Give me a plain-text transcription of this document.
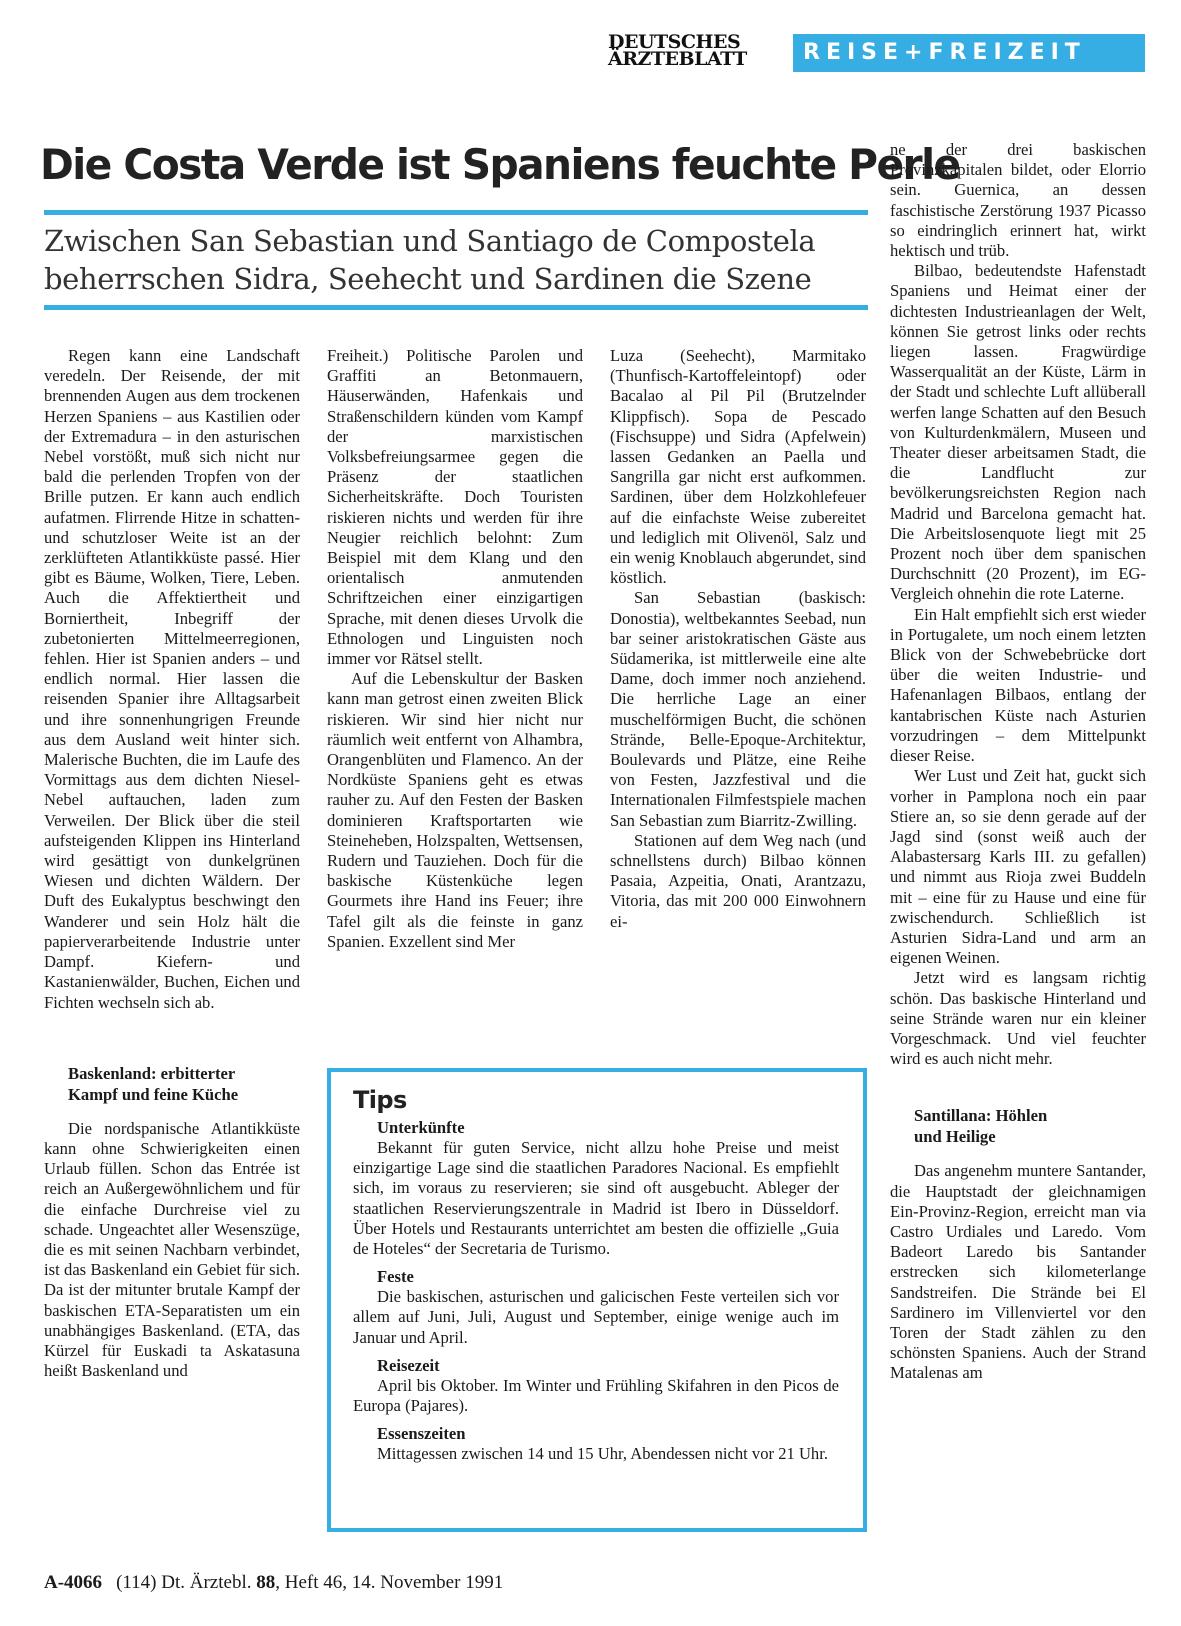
DEUTSCHES
ÄRZTEBLATT	REISE+FREIZEIT
Die Costa Verde ist Spaniens feuchte Perle
Zwischen San Sebastian und Santiago de Compostela
beherrschen Sidra, Seehecht und Sardinen die Szene

Regen kann eine Landschaft veredeln. Der Reisende, der mit brennenden Augen aus dem trockenen Herzen Spaniens – aus Kastilien oder der Extremadura – in den asturischen Nebel vorstößt, muß sich nicht nur bald die perlenden Tropfen von der Brille putzen. Er kann auch endlich aufatmen. Flirrende Hitze in schatten- und schutzloser Weite ist an der zerklüfteten Atlantikküste passé. Hier gibt es Bäume, Wolken, Tiere, Leben. Auch die Affektiertheit und Borniertheit, Inbegriff der zubetonierten Mittelmeerregionen, fehlen. Hier ist Spanien anders – und endlich normal. Hier lassen die reisenden Spanier ihre Alltagsarbeit und ihre sonnenhungrigen Freunde aus dem Ausland weit hinter sich. Malerische Buchten, die im Laufe des Vormittags aus dem dichten Niesel-Nebel auftauchen, laden zum Verweilen. Der Blick über die steil aufsteigenden Klippen ins Hinterland wird gesättigt von dunkelgrünen Wiesen und dichten Wäldern. Der Duft des Eukalyptus beschwingt den Wanderer und sein Holz hält die papierverarbeitende Industrie unter Dampf. Kiefern- und Kastanienwälder, Buchen, Eichen und Fichten wechseln sich ab.

Baskenland: erbitterter
Kampf und feine Küche

Die nordspanische Atlantikküste kann ohne Schwierigkeiten einen Urlaub füllen. Schon das Entrée ist reich an Außergewöhnlichem und für die einfache Durchreise viel zu schade. Ungeachtet aller Wesenszüge, die es mit seinen Nachbarn verbindet, ist das Baskenland ein Gebiet für sich. Da ist der mitunter brutale Kampf der baskischen ETA-Separatisten um ein unabhängiges Baskenland. (ETA, das Kürzel für Euskadi ta Askatasuna heißt Baskenland und

Freiheit.) Politische Parolen und Graffiti an Betonmauern, Häuserwänden, Hafenkais und Straßenschildern künden vom Kampf der marxistischen Volksbefreiungsarmee gegen die Präsenz der staatlichen Sicherheitskräfte. Doch Touristen riskieren nichts und werden für ihre Neugier reichlich belohnt: Zum Beispiel mit dem Klang und den orientalisch anmutenden Schriftzeichen einer einzigartigen Sprache, mit denen dieses Urvolk die Ethnologen und Linguisten noch immer vor Rätsel stellt.

Auf die Lebenskultur der Basken kann man getrost einen zweiten Blick riskieren. Wir sind hier nicht nur räumlich weit entfernt von Alhambra, Orangenblüten und Flamenco. An der Nordküste Spaniens geht es etwas rauher zu. Auf den Festen der Basken dominieren Kraftsportarten wie Steineheben, Holzspalten, Wettsensen, Rudern und Tauziehen. Doch für die baskische Küstenküche legen Gourmets ihre Hand ins Feuer; ihre Tafel gilt als die feinste in ganz Spanien. Exzellent sind Mer

Luza (Seehecht), Marmitako (Thunfisch-Kartoffeleintopf) oder Bacalao al Pil Pil (Brutzelnder Klippfisch). Sopa de Pescado (Fischsuppe) und Sidra (Apfelwein) lassen Gedanken an Paella und Sangrilla gar nicht erst aufkommen. Sardinen, über dem Holzkohlefeuer auf die einfachste Weise zubereitet und lediglich mit Olivenöl, Salz und ein wenig Knoblauch abgerundet, sind köstlich.

San Sebastian (baskisch: Donostia), weltbekanntes Seebad, nun bar seiner aristokratischen Gäste aus Südamerika, ist mittlerweile eine alte Dame, doch immer noch anziehend. Die herrliche Lage an einer muschelförmigen Bucht, die schönen Strände, Belle-Epoque-Architektur, Boulevards und Plätze, eine Reihe von Festen, Jazzfestival und die Internationalen Filmfestspiele machen San Sebastian zum Biarritz-Zwilling.

Stationen auf dem Weg nach (und schnellstens durch) Bilbao können Pasaia, Azpeitia, Onati, Arantzazu, Vitoria, das mit 200 000 Einwohnern ei-

ne der drei baskischen Provinzkapitalen bildet, oder Elorrio sein. Guernica, an dessen faschistische Zerstörung 1937 Picasso so eindringlich erinnert hat, wirkt hektisch und trüb.

Bilbao, bedeutendste Hafenstadt Spaniens und Heimat einer der dichtesten Industrieanlagen der Welt, können Sie getrost links oder rechts liegen lassen. Fragwürdige Wasserqualität an der Küste, Lärm in der Stadt und schlechte Luft allüberall werfen lange Schatten auf den Besuch von Kulturdenkmälern, Museen und Theater dieser arbeitsamen Stadt, die die Landflucht zur bevölkerungsreichsten Region nach Madrid und Barcelona gemacht hat. Die Arbeitslosenquote liegt mit 25 Prozent noch über dem spanischen Durchschnitt (20 Prozent), im EG-Vergleich ohnehin die rote Laterne.

Ein Halt empfiehlt sich erst wieder in Portugalete, um noch einem letzten Blick von der Schwebebrücke dort über die weiten Industrie- und Hafenanlagen Bilbaos, entlang der kantabrischen Küste nach Asturien vorzudringen – dem Mittelpunkt dieser Reise.

Wer Lust und Zeit hat, guckt sich vorher in Pamplona noch ein paar Stiere an, so sie denn gerade auf der Jagd sind (sonst weiß auch der Alabastersarg Karls III. zu gefallen) und nimmt aus Rioja zwei Buddeln mit – eine für zu Hause und eine für zwischendurch. Schließlich ist Asturien Sidra-Land und arm an eigenen Weinen.

Jetzt wird es langsam richtig schön. Das baskische Hinterland und seine Strände waren nur ein kleiner Vorgeschmack. Und viel feuchter wird es auch nicht mehr.

Santillana: Höhlen
und Heilige

Das angenehm muntere Santander, die Hauptstadt der gleichnamigen Ein-Provinz-Region, erreicht man via Castro Urdiales und Laredo. Vom Badeort Laredo bis Santander erstrecken sich kilometerlange Sandstreifen. Die Strände bei El Sardinero im Villenviertel vor den Toren der Stadt zählen zu den schönsten Spaniens. Auch der Strand Matalenas am

Tips
Unterkünfte

Bekannt für guten Service, nicht allzu hohe Preise und meist einzigartige Lage sind die staatlichen Paradores Nacional. Es empfiehlt sich, im voraus zu reservieren; sie sind oft ausgebucht. Ableger der staatlichen Reservierungszentrale in Madrid ist Ibero in Düsseldorf. Über Hotels und Restaurants unterrichtet am besten die offizielle „Guia de Hoteles“ der Secretaria de Turismo.

Feste

Die baskischen, asturischen und galicischen Feste verteilen sich vor allem auf Juni, Juli, August und September, einige wenige auch im Januar und April.

Reisezeit

April bis Oktober. Im Winter und Frühling Skifahren in den Picos de Europa (Pajares).

Essenszeiten

Mittagessen zwischen 14 und 15 Uhr, Abendessen nicht vor 21 Uhr.

A-4066 (114) Dt. Ärztebl. 88, Heft 46, 14. November 1991
